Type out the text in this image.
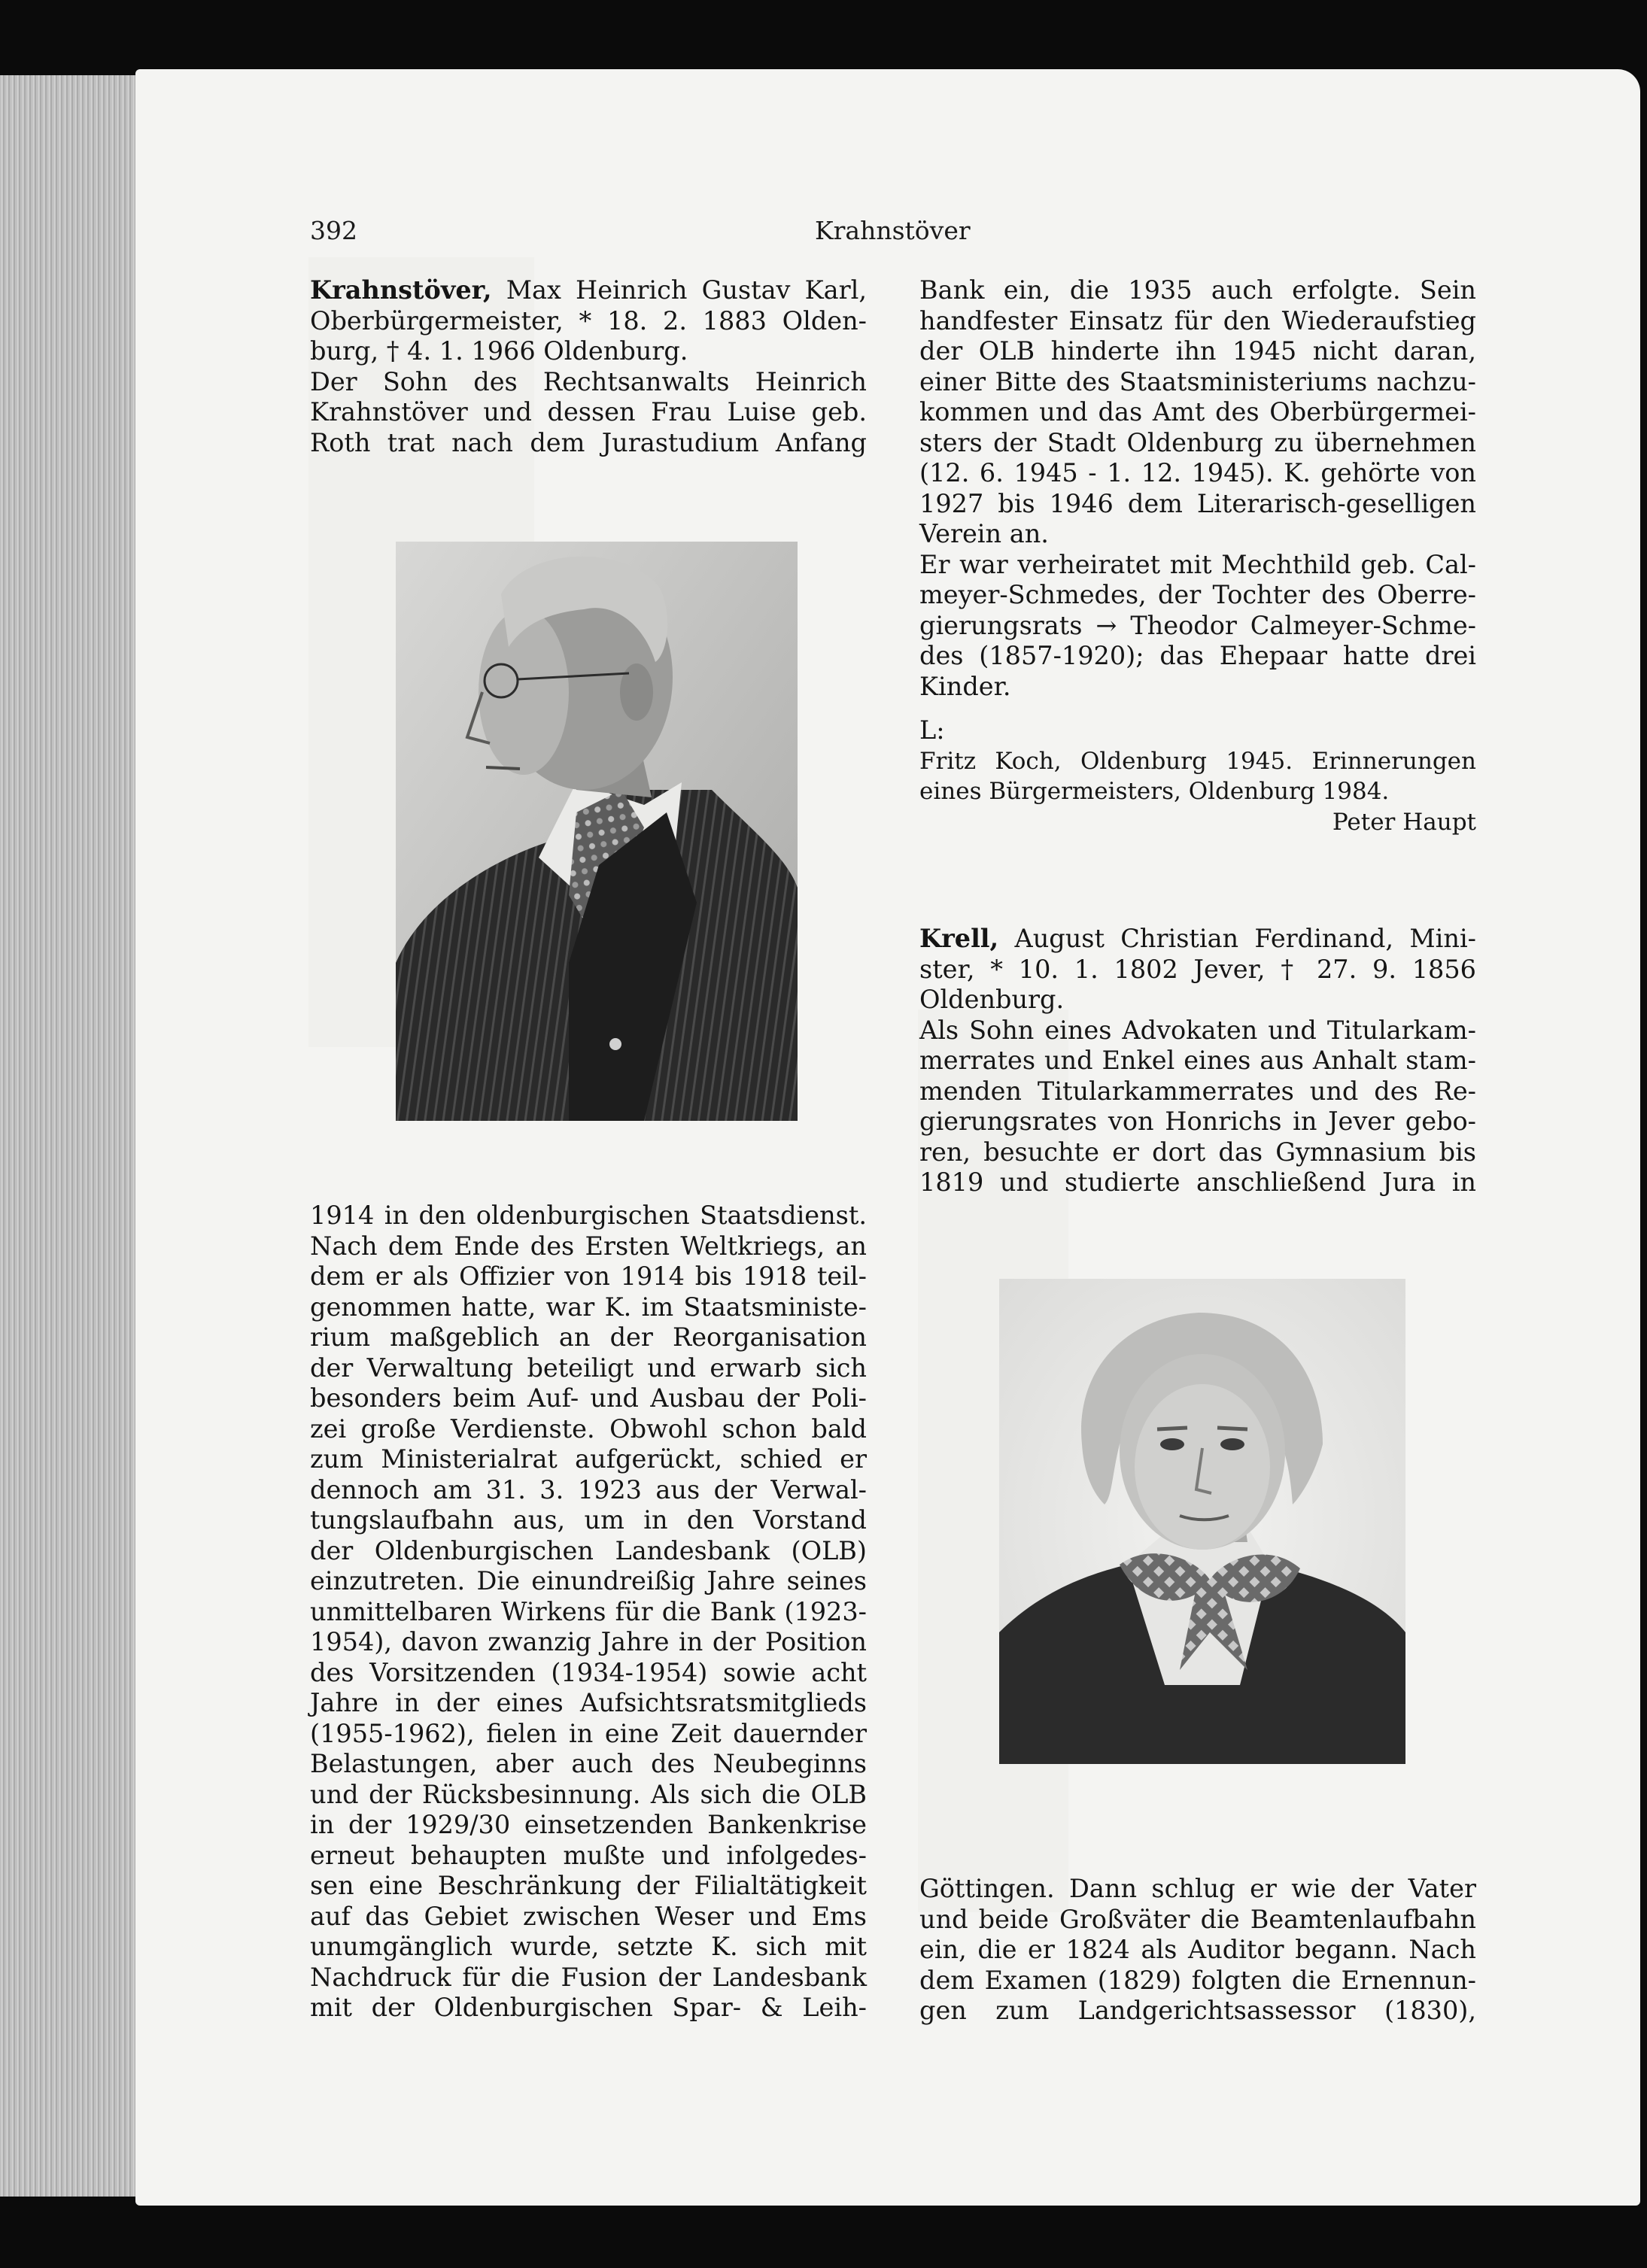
392	Krahnstöver

Krahnstöver, Max Heinrich Gustav Karl,

Oberbürgermeister, * 18. 2. 1883 Olden-

burg, † 4. 1. 1966 Oldenburg.

Der Sohn des Rechtsanwalts Heinrich

Krahnstöver und dessen Frau Luise geb.

Roth trat nach dem Jurastudium Anfang

1914 in den oldenburgischen Staatsdienst.

Nach dem Ende des Ersten Weltkriegs, an

dem er als Offizier von 1914 bis 1918 teil-

genommen hatte, war K. im Staatsministe-

rium maßgeblich an der Reorganisation

der Verwaltung beteiligt und erwarb sich

besonders beim Auf- und Ausbau der Poli-

zei große Verdienste. Obwohl schon bald

zum Ministerialrat aufgerückt, schied er

dennoch am 31. 3. 1923 aus der Verwal-

tungslaufbahn aus, um in den Vorstand

der Oldenburgischen Landesbank (OLB)

einzutreten. Die einundreißig Jahre seines

unmittelbaren Wirkens für die Bank (1923-

1954), davon zwanzig Jahre in der Position

des Vorsitzenden (1934-1954) sowie acht

Jahre in der eines Aufsichtsratsmitglieds

(1955-1962), fielen in eine Zeit dauernder

Belastungen, aber auch des Neubeginns

und der Rücksbesinnung. Als sich die OLB

in der 1929/30 einsetzenden Bankenkrise

erneut behaupten mußte und infolgedes-

sen eine Beschränkung der Filialtätigkeit

auf das Gebiet zwischen Weser und Ems

unumgänglich wurde, setzte K. sich mit

Nachdruck für die Fusion der Landesbank

mit der Oldenburgischen Spar- & Leih-

Bank ein, die 1935 auch erfolgte. Sein

handfester Einsatz für den Wiederaufstieg

der OLB hinderte ihn 1945 nicht daran,

einer Bitte des Staatsministeriums nachzu-

kommen und das Amt des Oberbürgermei-

sters der Stadt Oldenburg zu übernehmen

(12. 6. 1945 - 1. 12. 1945). K. gehörte von

1927 bis 1946 dem Literarisch-geselligen

Verein an.

Er war verheiratet mit Mechthild geb. Cal-

meyer-Schmedes, der Tochter des Oberre-

gierungsrats → Theodor Calmeyer-Schme-

des (1857-1920); das Ehepaar hatte drei

Kinder.

L:

Fritz Koch, Oldenburg 1945. Erinnerungen

eines Bürgermeisters, Oldenburg 1984.

Peter Haupt

Krell, August Christian Ferdinand, Mini-

ster, * 10. 1. 1802 Jever, † 27. 9. 1856

Oldenburg.

Als Sohn eines Advokaten und Titularkam-

merrates und Enkel eines aus Anhalt stam-

menden Titularkammerrates und des Re-

gierungsrates von Honrichs in Jever gebo-

ren, besuchte er dort das Gymnasium bis

1819 und studierte anschließend Jura in

Göttingen. Dann schlug er wie der Vater

und beide Großväter die Beamtenlaufbahn

ein, die er 1824 als Auditor begann. Nach

dem Examen (1829) folgten die Ernennun-

gen zum Landgerichtsassessor (1830),
